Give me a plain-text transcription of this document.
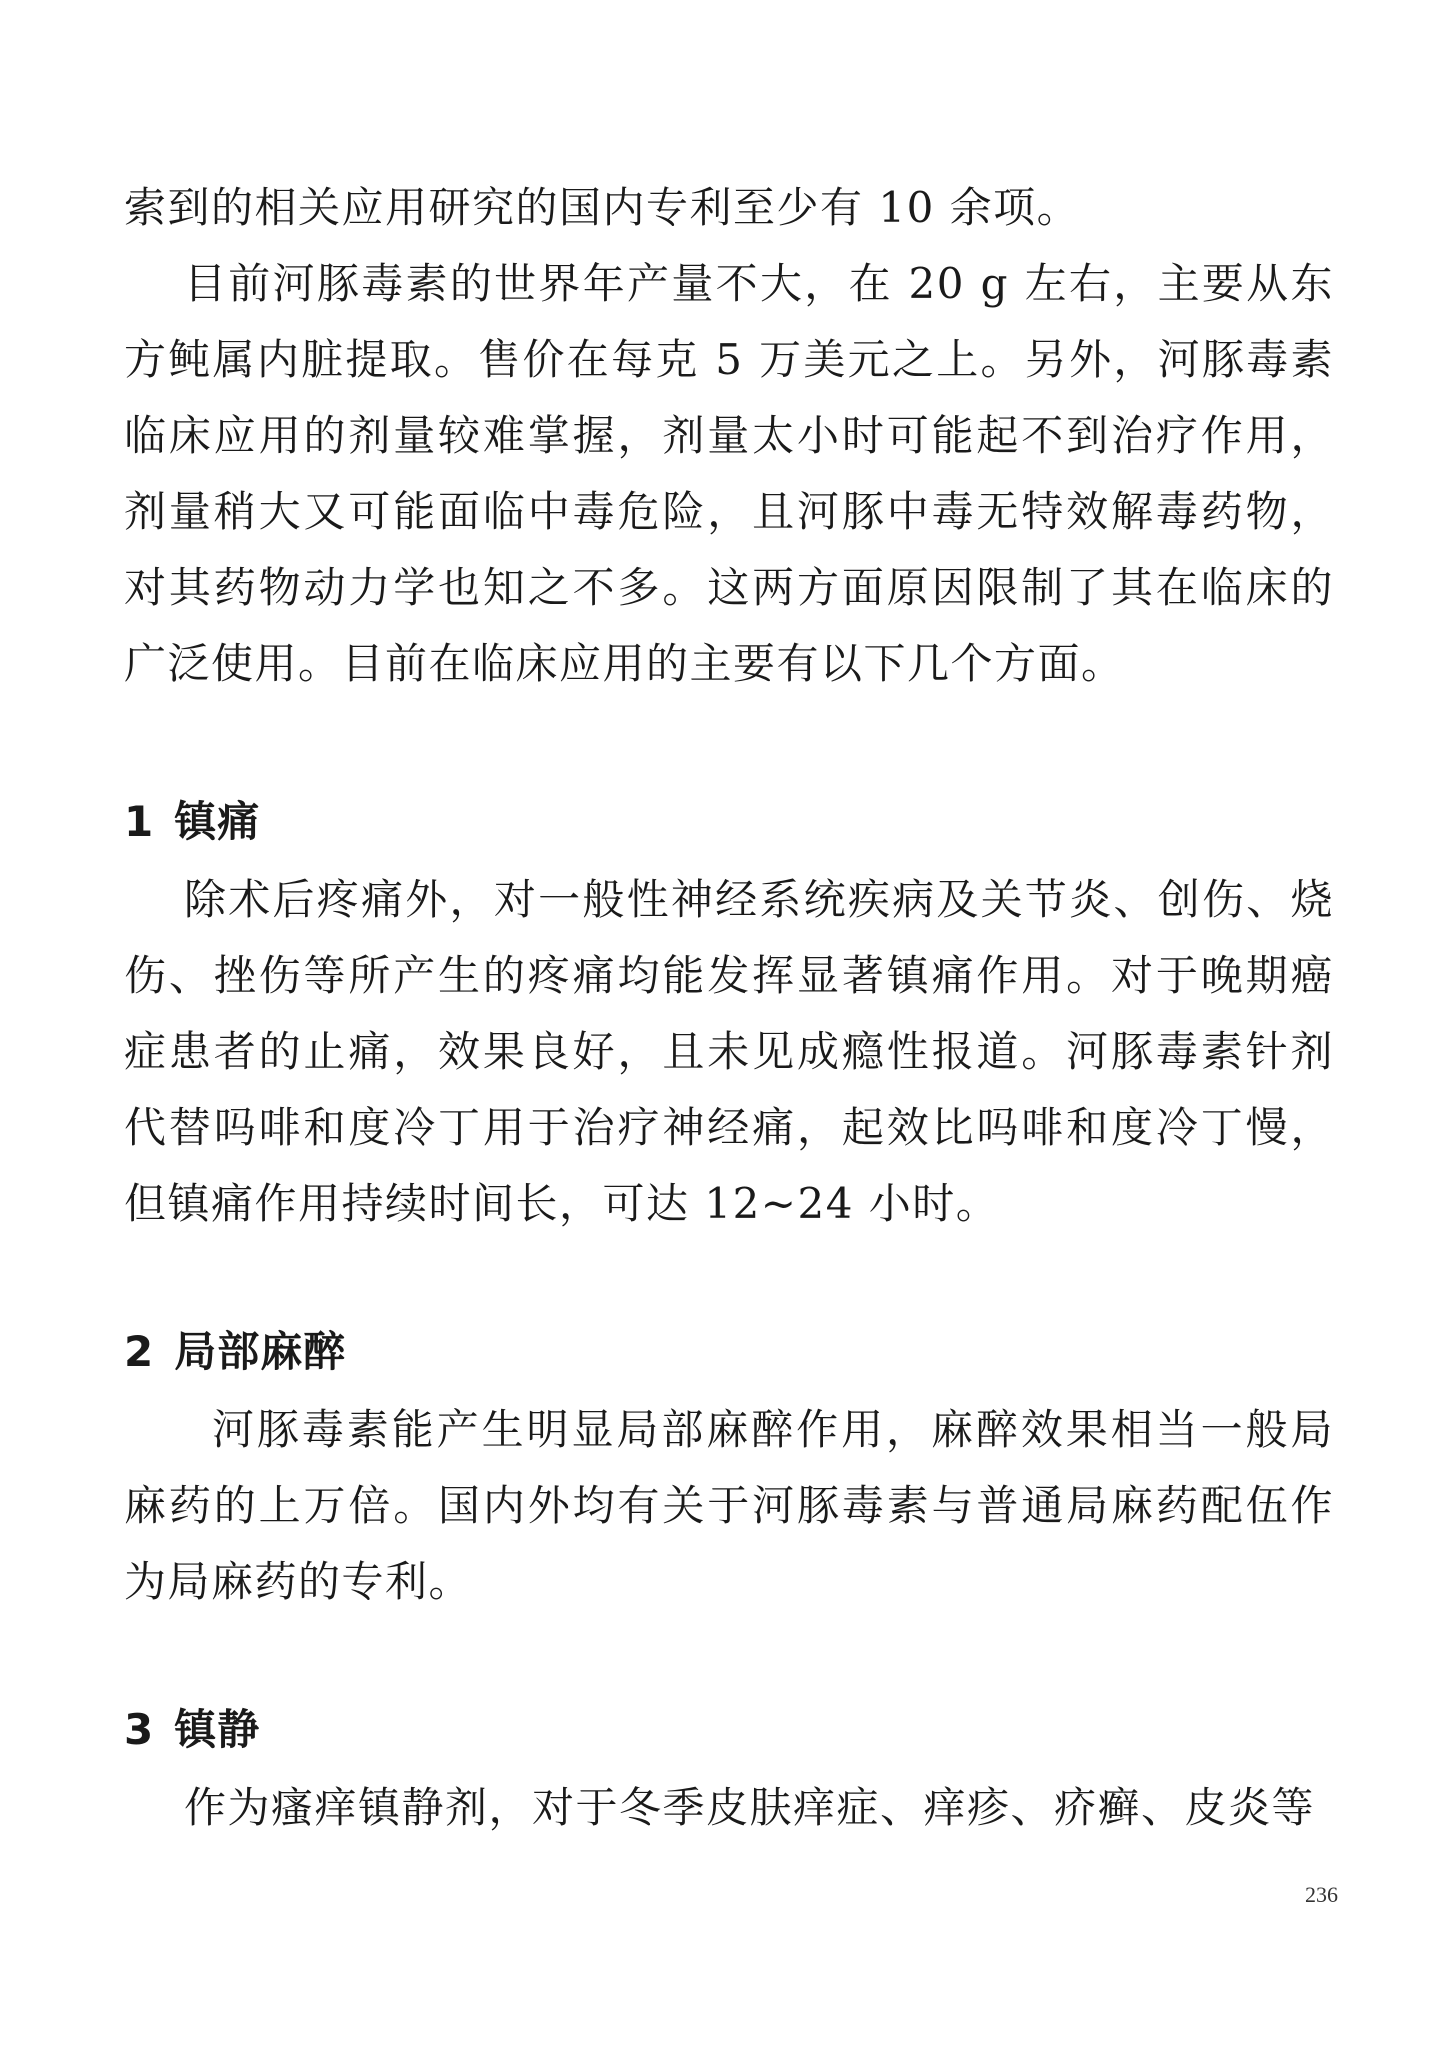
索到的相关应用研究的国内专利至少有 10 余项。

目前河豚毒素的世界年产量不大，在 20 g 左右，主要从东方鲀属内脏提取。售价在每克 5 万美元之上。另外，河豚毒素临床应用的剂量较难掌握，剂量太小时可能起不到治疗作用，剂量稍大又可能面临中毒危险，且河豚中毒无特效解毒药物，对其药物动力学也知之不多。这两方面原因限制了其在临床的广泛使用。目前在临床应用的主要有以下几个方面。

1 镇痛

除术后疼痛外，对一般性神经系统疾病及关节炎、创伤、烧伤、挫伤等所产生的疼痛均能发挥显著镇痛作用。对于晚期癌症患者的止痛，效果良好，且未见成瘾性报道。河豚毒素针剂代替吗啡和度冷丁用于治疗神经痛，起效比吗啡和度冷丁慢，但镇痛作用持续时间长，可达 12~24 小时。

2 局部麻醉

河豚毒素能产生明显局部麻醉作用，麻醉效果相当一般局麻药的上万倍。国内外均有关于河豚毒素与普通局麻药配伍作为局麻药的专利。

3 镇静

作为瘙痒镇静剂，对于冬季皮肤痒症、痒疹、疥癣、皮炎等

236
